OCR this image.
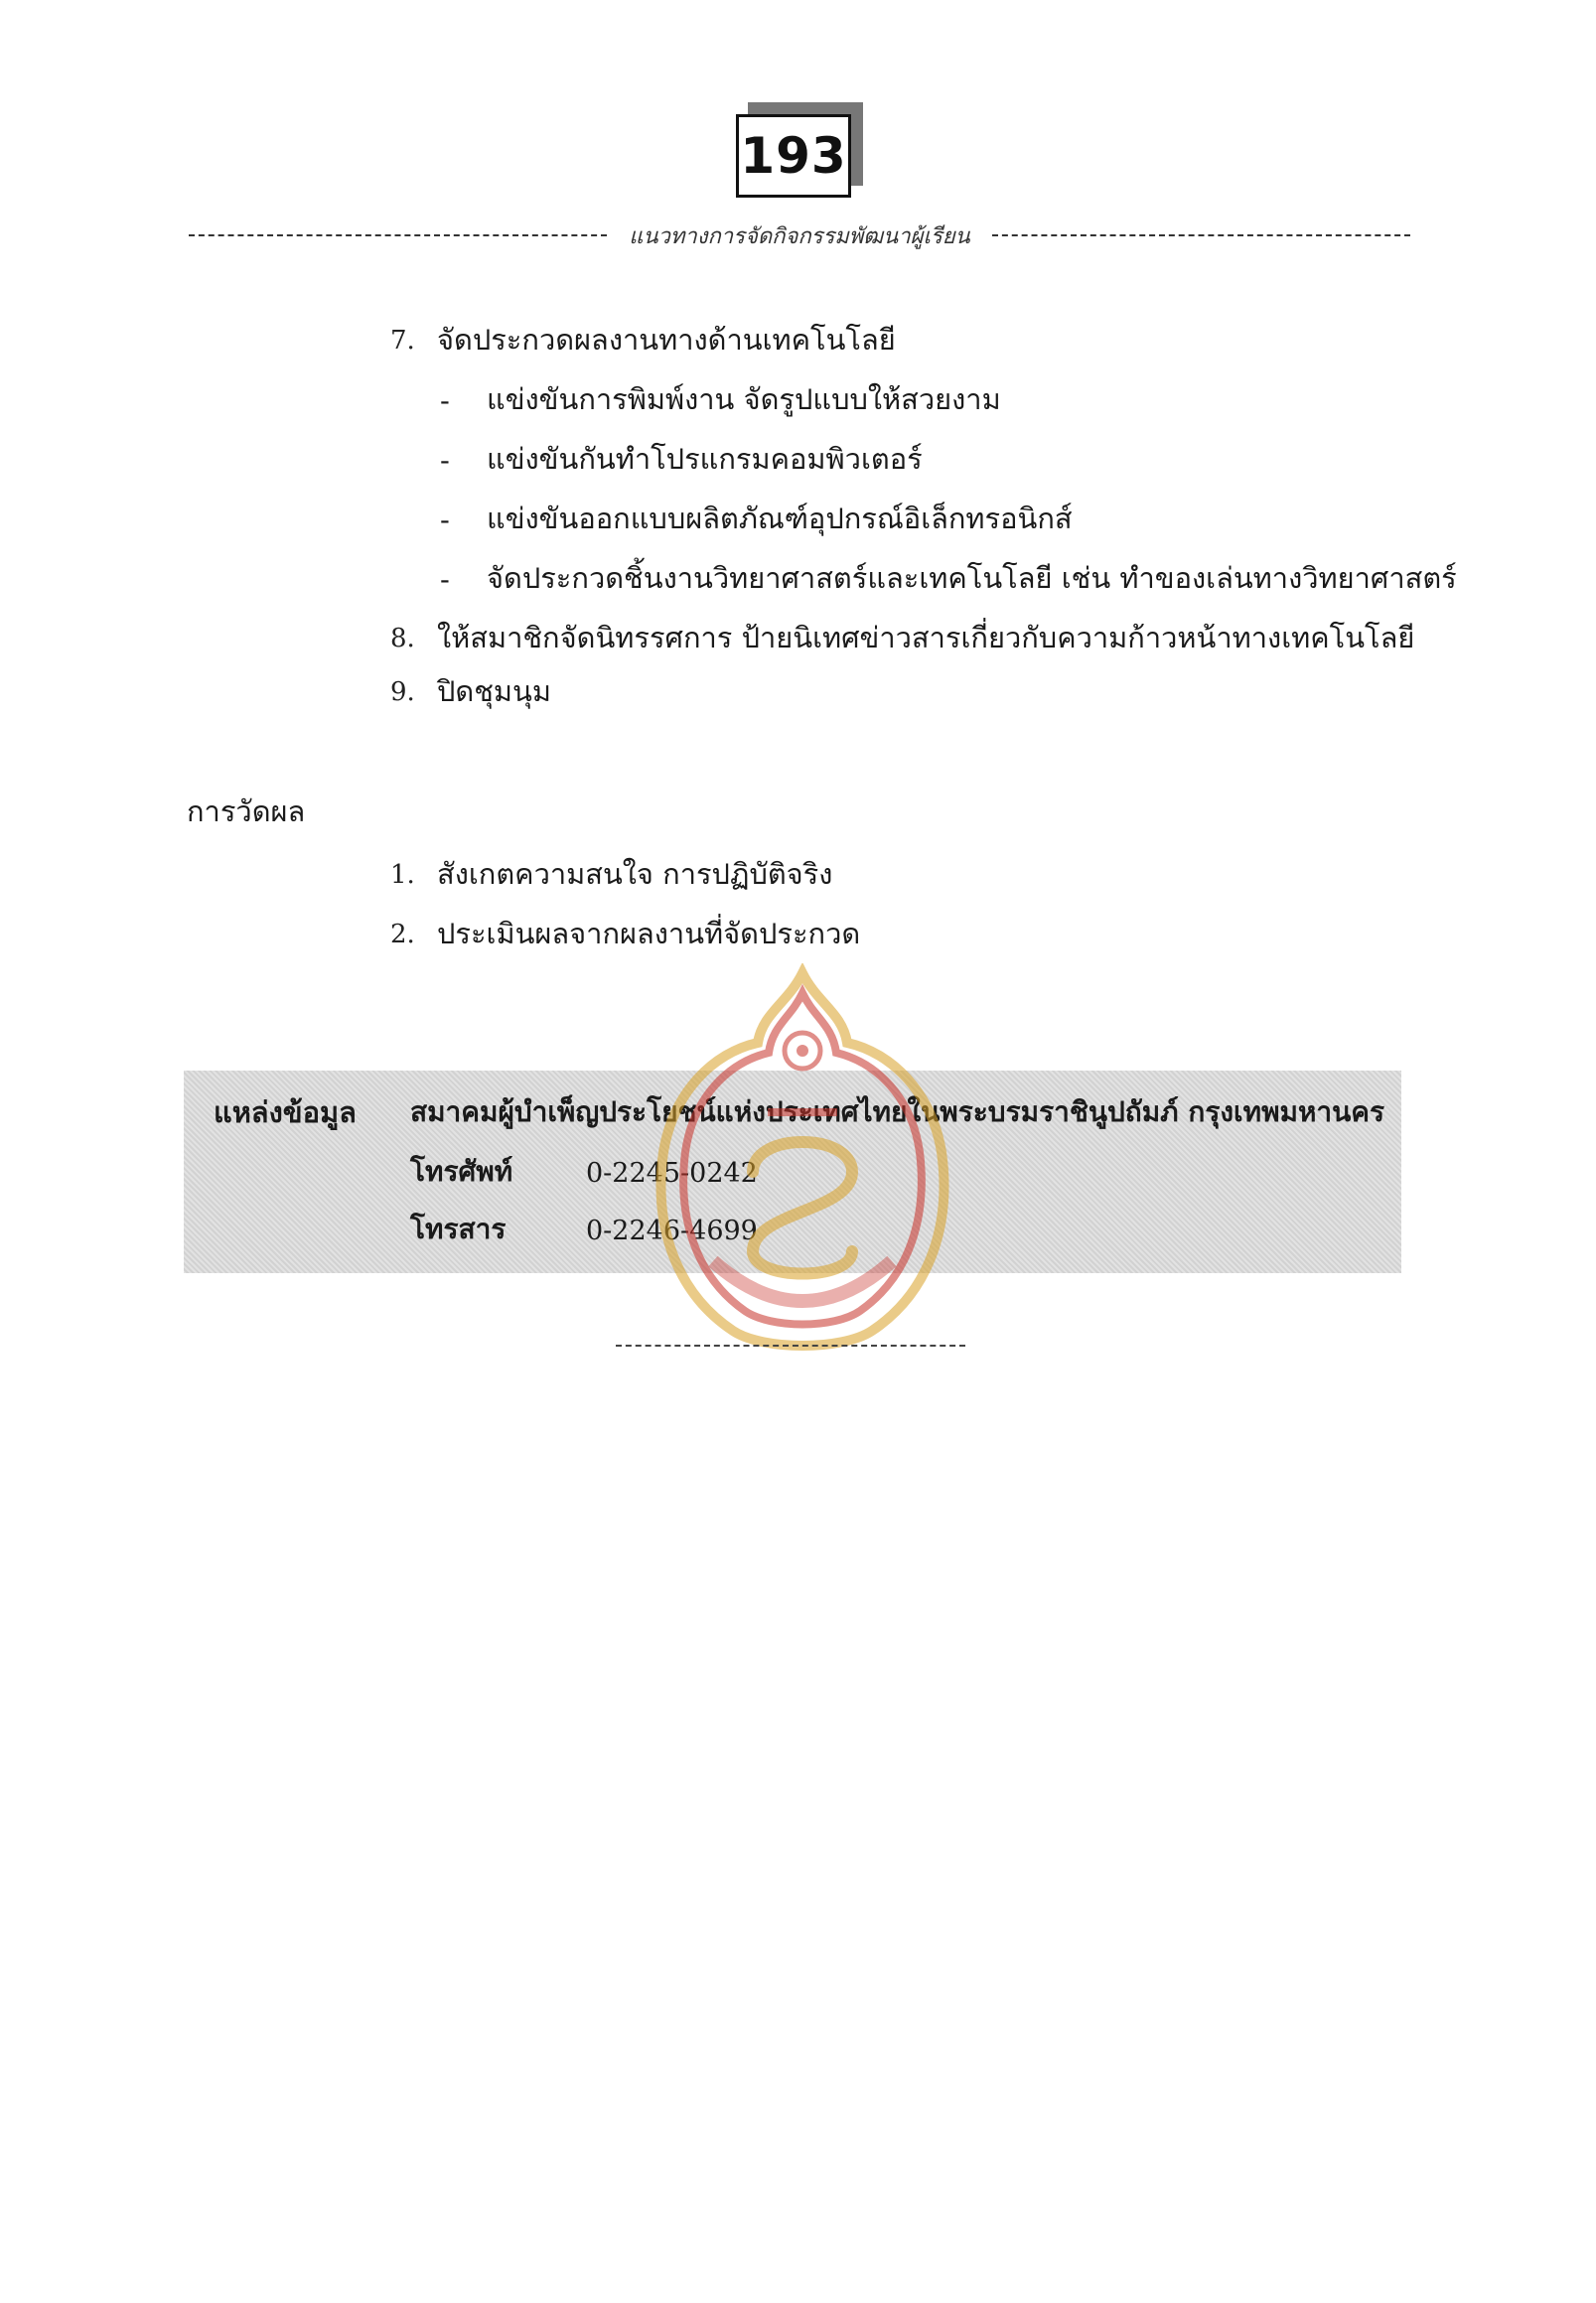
193
แนวทางการจัดกิจกรรมพัฒนาผู้เรียน
7. จัดประกวดผลงานทางด้านเทคโนโลยี
- แข่งขันการพิมพ์งาน จัดรูปแบบให้สวยงาม
- แข่งขันกันทำโปรแกรมคอมพิวเตอร์
- แข่งขันออกแบบผลิตภัณฑ์อุปกรณ์อิเล็กทรอนิกส์
- จัดประกวดชิ้นงานวิทยาศาสตร์และเทคโนโลยี เช่น ทำของเล่นทางวิทยาศาสตร์
8. ให้สมาชิกจัดนิทรรศการ ป้ายนิเทศข่าวสารเกี่ยวกับความก้าวหน้าทางเทคโนโลยี
9. ปิดชุมนุม
การวัดผล
1. สังเกตความสนใจ การปฏิบัติจริง
2. ประเมินผลจากผลงานที่จัดประกวด
แหล่งข้อมูล สมาคมผู้บำเพ็ญประโยชน์แห่งประเทศไทยในพระบรมราชินูปถัมภ์ กรุงเทพมหานคร
โทรศัพท์	0-2245-0242
โทรสาร	0-2246-4699
